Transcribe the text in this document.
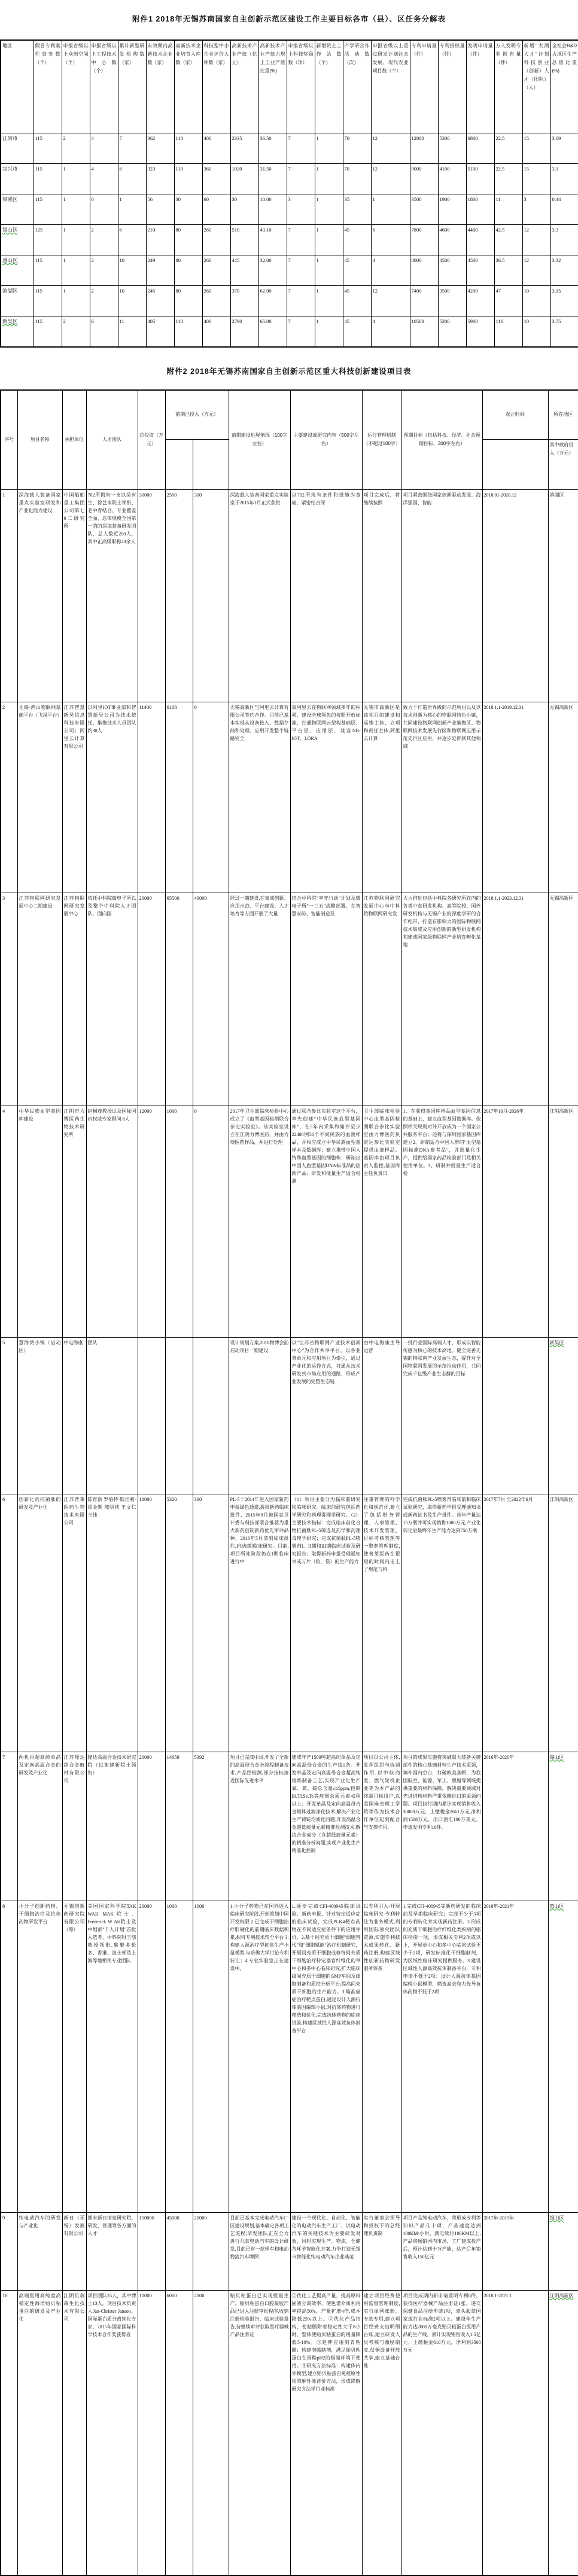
附件1 2018年无锡苏南国家自主创新示范区建设工作主要目标各市（县）、区任务分解表
地区	假冒专利案件查处数（个）	申报省级以上众创空间（个）	申报省级以上工程技术中心数（个）	累计新型研发机构数（家）	有效期内高新技术企业数（家）	高新技术企业培育入库数（家）	科技型中小企业评价入库数（家）	高新技术产业产值（亿元）	高新技术产业产值占规上工业产值比重(%)	申报省级以上科技奖励数（项）	新增院士工作站数（个）	产学研合作活动数（次）	申报省级以上重点研发计划社会发展、现代农业项目数（个）	专利申请量（件）	专利授权量（件）	发明申请量（件）	万人发明专利拥有量（件）	新增"太湖人才"计划科技创业（创新）人才（团队）（人）	全社会R&D占地区生产总值比重(%)
江阴市	115	2	4	7	362	110	400	2335	36.50	7	1	70	12	12000	5300	6800	22.5	15	3.09
宜兴市	115	1	4	6	323	110	360	1020	31.50	7	1	70	12	9000	4100	5100	22.5	15	3.1
梁溪区	115	1	0	1	56	30	60	30	10.00	3	1	35	1	3500	1900	1800	11	3	0.44
锡山区	125	1	2	6	210	80	260	510	43.10	7	1	45	6	7800	4600	4400	42.5	12	3.3
惠山区	115	1	2	10	249	80	260	445	32.00	7	1	45	4	8000	4500	4500	36.5	12	3.32
滨湖区	115	1	2	10	245	80	260	370	62.00	7	1	45	12	7400	3500	4200	47	10	3.15
新吴区	115	2	6	11	405	110	400	2790	65.00	7	1	45	4	10500	5200	5900	116	10	3.75
附件2 2018年无锡苏南国家自主创新示范区重大科技创新建设项目表
序号	项目名称	承担单位	人才团队	总投资（万元）	前期已投入（万元）		前期建设进展情况（100字左右）	主要建设或研究内容（500字左右）	运行管理机制（不超过100字）	预期目标（包括科技、经济、社会预期目标，300字左右）	起止时间	所在地区
												其中政府投入（万元）
1	深海载人装备国家重点实验室研发和产业化能力建设	中国船舶重工集团公司第七0二研究所	702所拥有一支以吴有生、徐芑南院士领衔、老中青结合、专业覆盖全面、总体规模全国第一的的深海装备研发团队，总人数近200人，其中正高级职称20余人	30000	2500	300	深海载人装备国家重点实验室于2015年1月正式获批	以702所现有条件和设施为基础，紧密结合深	项目完成后，将继续按照	项目紧密围绕国家创新驱动发展、海洋强国、智能	2018.01-2020.12	滨湖区
2	无锡·鸿山物联网基础平台（飞凤平台）	江苏智慧新吴信息科技有限公司；阿里云计算有限公司	以阿里IOT事业部和智慧新吴公司为技术依托，集聚技术人员团队约30人	11400	6108	0	无锡高新区与阿里云计算有限公司签约合作。目前已基本实现从设备接入、数据存储和处理、应用开发整个链路完全	集阿里云在物联网领域多年的积累，建设全球领先的按照开放标准，打通物联网云架构基础层、平台层、应用层，兼容NB-IOT、LORA	无锡市高新区是该项目的建设和运维主体、立项和责任主体,阿里云计算	致力于打造世界级的示范项目以及以技术创新为核心的物联网特色小镇，共同建设物联网创新产业集聚区、物联网技术发展先行区和物联网应用示范先行区应用，并逐步延伸到其他领域	2018.1.1-2019.12.31	无锡高新区
3	江苏物联网研究发展中心二期建设	江苏物联网研究发展中心	依托中科院微电子所以及整个中科院人才团队，面向国	20000	65500	40000	经过一期建设,在集成创新、应用示范、平台建设、人才培育等方面开展了大量	结合中科院"率先行动"计划及微电子所"一三五"战略部署，在智慧安防、智能制造及	江苏物联网研究发展中心与中科院物联网研究发	大力推进包括中科院各研究所在内的各类中直研发机构、高等院校、国外研发机构与无锡产业的深度学研的合作纽带，打造有影响力的国际物联网技术集成及应用创新的新型研发机构和建成国家级物联网产业培育孵化基地	2018.1.1-2023.12.31	无锡高新区
4	中华民族血型基因库建设	江阴市力博医药生物技术研究所	赵桐茂教授以及国际国内权威专家顾问 8人	12000	1000	0	2017年卫生部临床检验中心成立了《血型基因检测联合参比实验室》。该实验室设立在江阴力博医药，并由力博医药样品，并进行处理	通过联合参比实验室这个平台，率先创建"中华民族血型基因库"，在5年内采集和储存至少22400例56个不同民族的血液样品，并相应成立中华民族血型基样本及数据库；建立携带中国人特殊血型基因的细胞株；研制出中国人血型基因DNA标准品的创新产品；研发和批量生产适合检测	卫生部临床检验中心血型基因检测联合参比实验室由力博医药负责运参比实验室提供血液样品。基因库由项目负责人监控,基因库主任负责日	1、在获得基因库样品血型基因信息的基础上，建立血型基因数据库。依照相关规则对外开放成为一个国家公共服务平台；还将与深圳国家基因库建立2、研制适合中国人群的"血型基因标准DNA参考品"，并批量化生产，提供给国家药品检验部门及相关使用单位。3、研制并批量生产适合检	2017年10月-2026年	江阴高新区
5	慧海湾小镇（启动区）	中电海康	团队				设计规划方案,2018物博会前启动项目一期建设	以"江苏省物联网产业技术创新中心"为合作共享平台，以各业务单元和应用项目为牵引，通过产业化的运作方式，打通从技术研发到市场应用的通路，形成产业发展的完整生态链	由中电海康主导运营	一批行业国际高端人才，形成以智能传感为核心的技术高地。健全完善无锡的物联网产业发展生态，提升对全国物联网发展的示范拉动作用，共同完成千亿级产业生态群的目标		新吴区
6	创新化药抗菌肽的研发及产业化	江苏普莱医药生物技术有限公司	陈育新 罗伯特·斯坦利·霍金斯 陈明侠 王文仁 王伟	18000	5320	300	PL-5于2014年进入国家新药申报绿色通道,报批新药临床批件，2015年9月被国家卫计委与科技部联合推荐为重大新药创制新药优先审评品种，2016年5月拿到临床批件,启动I期临床研究。目前,项目所处阶段仍在I期临床进行中	（1）项目主要分为临床前研究和临床研究。临床前研究包括药学研究和药理毒理学研究。（2）主要技术指标：完成临床前化合物抗菌肽PL-5筛选及药学和药理毒理学研究；完成抗菌肽PL-5喷雾剂I、II期和III期临床试验及研究报告；取得新药申报受理通知书或万片（粒，袋）的生产能力	注重管理的科学化和规范化,建立了包括财务管理、人事管理、技术开发管理、目标考核管理等一整套管理制度,使普莱医药在很短的时间内走上了规范与科	完成抗菌肽PL-5喷雾剂临床前和临床试验研究，取得新药申报受理通知书或新药证书及生产批件。首年产量达15万瓶并可实现销售1000万元,产业化转化后最终年生产能力达到750万瓶	2017年7月 至2022年6月	江阴高新区
7	两机用超高纯单晶及定向高温合金的研发及产业化	江苏隆达超合金航材有限公司	隆达高温合金技术研究院（以谢建新院士领衔）	20000	14659	5392	项目已完成中试,开发了全新的高温母合金全流程制备技术,产品经检测,部分指标接近国际先进水平	建成年产1500吨超高纯单晶及定向高温母合金的生产线1条。开发单晶及定向高温母合金超高纯熔炼制备工艺,实现产业化生产氧、氮、硫总含量≤15ppm,控制Bi,Tl,Se,Te等痕量杂质元素45种以上；开发单晶及定向高温母合金熔体过滤净化技术,解决产业化生产铸锭均质化问题;开发高温合金超低痕量元素精准检测技术,解决合金成分（含超低痕量元素）的精准分析问题,实现产业化生产精准化控制	项目以公司主体,发挥组织与协调作用,以中航商发、燃气轮机企业等为本产品的终端目标用户,以美国麻省理工学院等作为技术合作单位起到配合与支撑作用。	项目的成果实施将突破重大装备关键部件的核心基础材料生产技术瓶颈，填补国内空白，打破欧美垄断，为我国航空、能源、军工、舰船等领域提供重要的材料保障，解决重要领域对先进结构材料严重依赖进口的瓶颈问题。项目执行期内累计实现销售收入30000万元，上缴税金2661万元,净利润1508万元，出口创汇100万美元。申请发明专利10件。	2016年-2020年	锡山区
8	小分子创新药物、干细胞治疗及抗体药物研发平台	无锡创新药研究院有限公司（筹）	美国国家科学院TAK WAH MAK院士、Frederick W Alt院士及中组部"千人计划"首批入选者、中科院时玉舫教授领衔,集聚多伦多、香港、波士顿及上海等地相关专业团队	20000	1000	1000	1.小分子药物已在国外进入临床研究阶段,开始策划中国开发权限 2.已完成干细胞治疗肝硬化的前期临床数据积累,拟将专利技术转至平台 3.构建人源治疗型抗体生产小鼠模型,与哈佛大学讨论专利转让；4.专业实验室正在建设中。	1.逐步完成CFI-400945临床试验、新药申报，针对特定适应症的临床试验，完成PLK4靶点药物在不同适应症条件下的应用评价。2.基于间充质干细胞"细胞替代"和"细胞赋能"治疗机制研究，开展间充质干细胞或修饰间充质干细胞治疗特定器官纤维化的单中心和多中心临床研究,扩大临床级间充质干细胞的GMP车间及细胞制备和质控分析平台,提高间充质干细胞的生产能力。3.瞄准癌症治疗靶点蛋白,通过设计人源抗体基因编辑小鼠,对抗体药物进行筛选和优化,完成抗体药物的临床试验,构建区域性人源高效抗体制备平台	以专利引入-开展临床研究-专利转让为业务模式,利用国际顶尖团队资源,实施专利技术成果转化、新药注册,构建区域性创新药物研发服务体系	1.完成CFI-400945等新药研发的临床前及早期临床研究；完成不少于3项的专利转化并实现新药注册。2.形成间充质干细胞治疗纤维化类疾病的临床指南一项，形成相关专利2项或以上，开展单中心和多中心临床试验不少于2项，研发标准化干细胞制剂，为区域性临床研究提供服务。3.建设区域性人源高效抗体制备平台，专利申请不低于2项；设计人源抗体基因编辑小鼠模型，筛选高亲和力先导抗体药物不低于2项	2018年-2021年	惠山区
9	纯电动汽车的研发与产业化	新日（无锡）发展有限公司	拥有新日清泉研究院，研发、管理等各方面的人才	150000	45000	20000	目前已基本完成电动汽车厂区建设规划,基本确定各项工艺流程;研发团队正在全力进行几款电动汽车的设计研发,目前已有一款样车和电动物流汽车牌照	建设一个现代化、自动化、智能化的电动汽车生产工厂，以电动汽车的关键技术为主要研发对象，同时实现生产、物流、仓储各环节智能化方案,力争打造无锡市智能化纯电动汽车企业典范	实行董事会领导和授权下的总经理负责制	项目产品纯电动汽车，将形成专利等知识产品几十项，产品速度达到100KM/小时，满电续行100KM以上,产品将畅销国内市场，工厂建成投产后，预计达到十万产能，达产后年销售收入150亿元	2017年-2019年	锡山区
10	高端医用高纯度高稳定性海洋贻贝粘蛋白的研发及产业化	江阴贝瑞森生化技术有限公司	项目团队25人，其中博士13人。项目技术负责人Jan-Christer Janson，国际蛋白质分离纯化专家，2015年国家国际科学技术合作奖获得者	10000	6000	2000	贻贝粘蛋白已实现批量生产。贻贝粘蛋白口腔凝胶产品已进入注册审批程序,收到注册检验报告、临床试验报告,待继续审评获取医疗器械产品注册证	①优化工艺提高产量，提高原料固液分离效率，使色谱介质利用率提高50%，产量扩增4倍,成本降低25%以上。②优化产品结构，使粘膜附着稳定性大于8小时，整体使贻贝粘蛋白的用量降低5-10%。③延伸应用到胃粘膜：构建泡腾制剂，满足贻贝粘蛋白在胃酸pH2的极端环境下使用。④研究方法标准：构建体内外模型,建立贻贝粘蛋白免疫原性和降解性能评价方法，形成降解研究方法学行业标准	建立项目经费使用监督管理制度,实行单列账册、专款专用,建立项目经费支出明细台账,建立研发人员考核与激励制度,仪器设备开放共享,建立基础台账	项目完成期内新申请发明专利6件，获得医疗器械产品注册证1张，递交保健食品注册申请1项，牵头起草国家或行业标准2项以上。建设年生产能力达2000万毫克贻贝粘蛋白医用产品的生产线，累计实现销售收入1.5亿元，上缴税金610万元，净利润3500万元	2018.1-2021.1	江阴高新区
